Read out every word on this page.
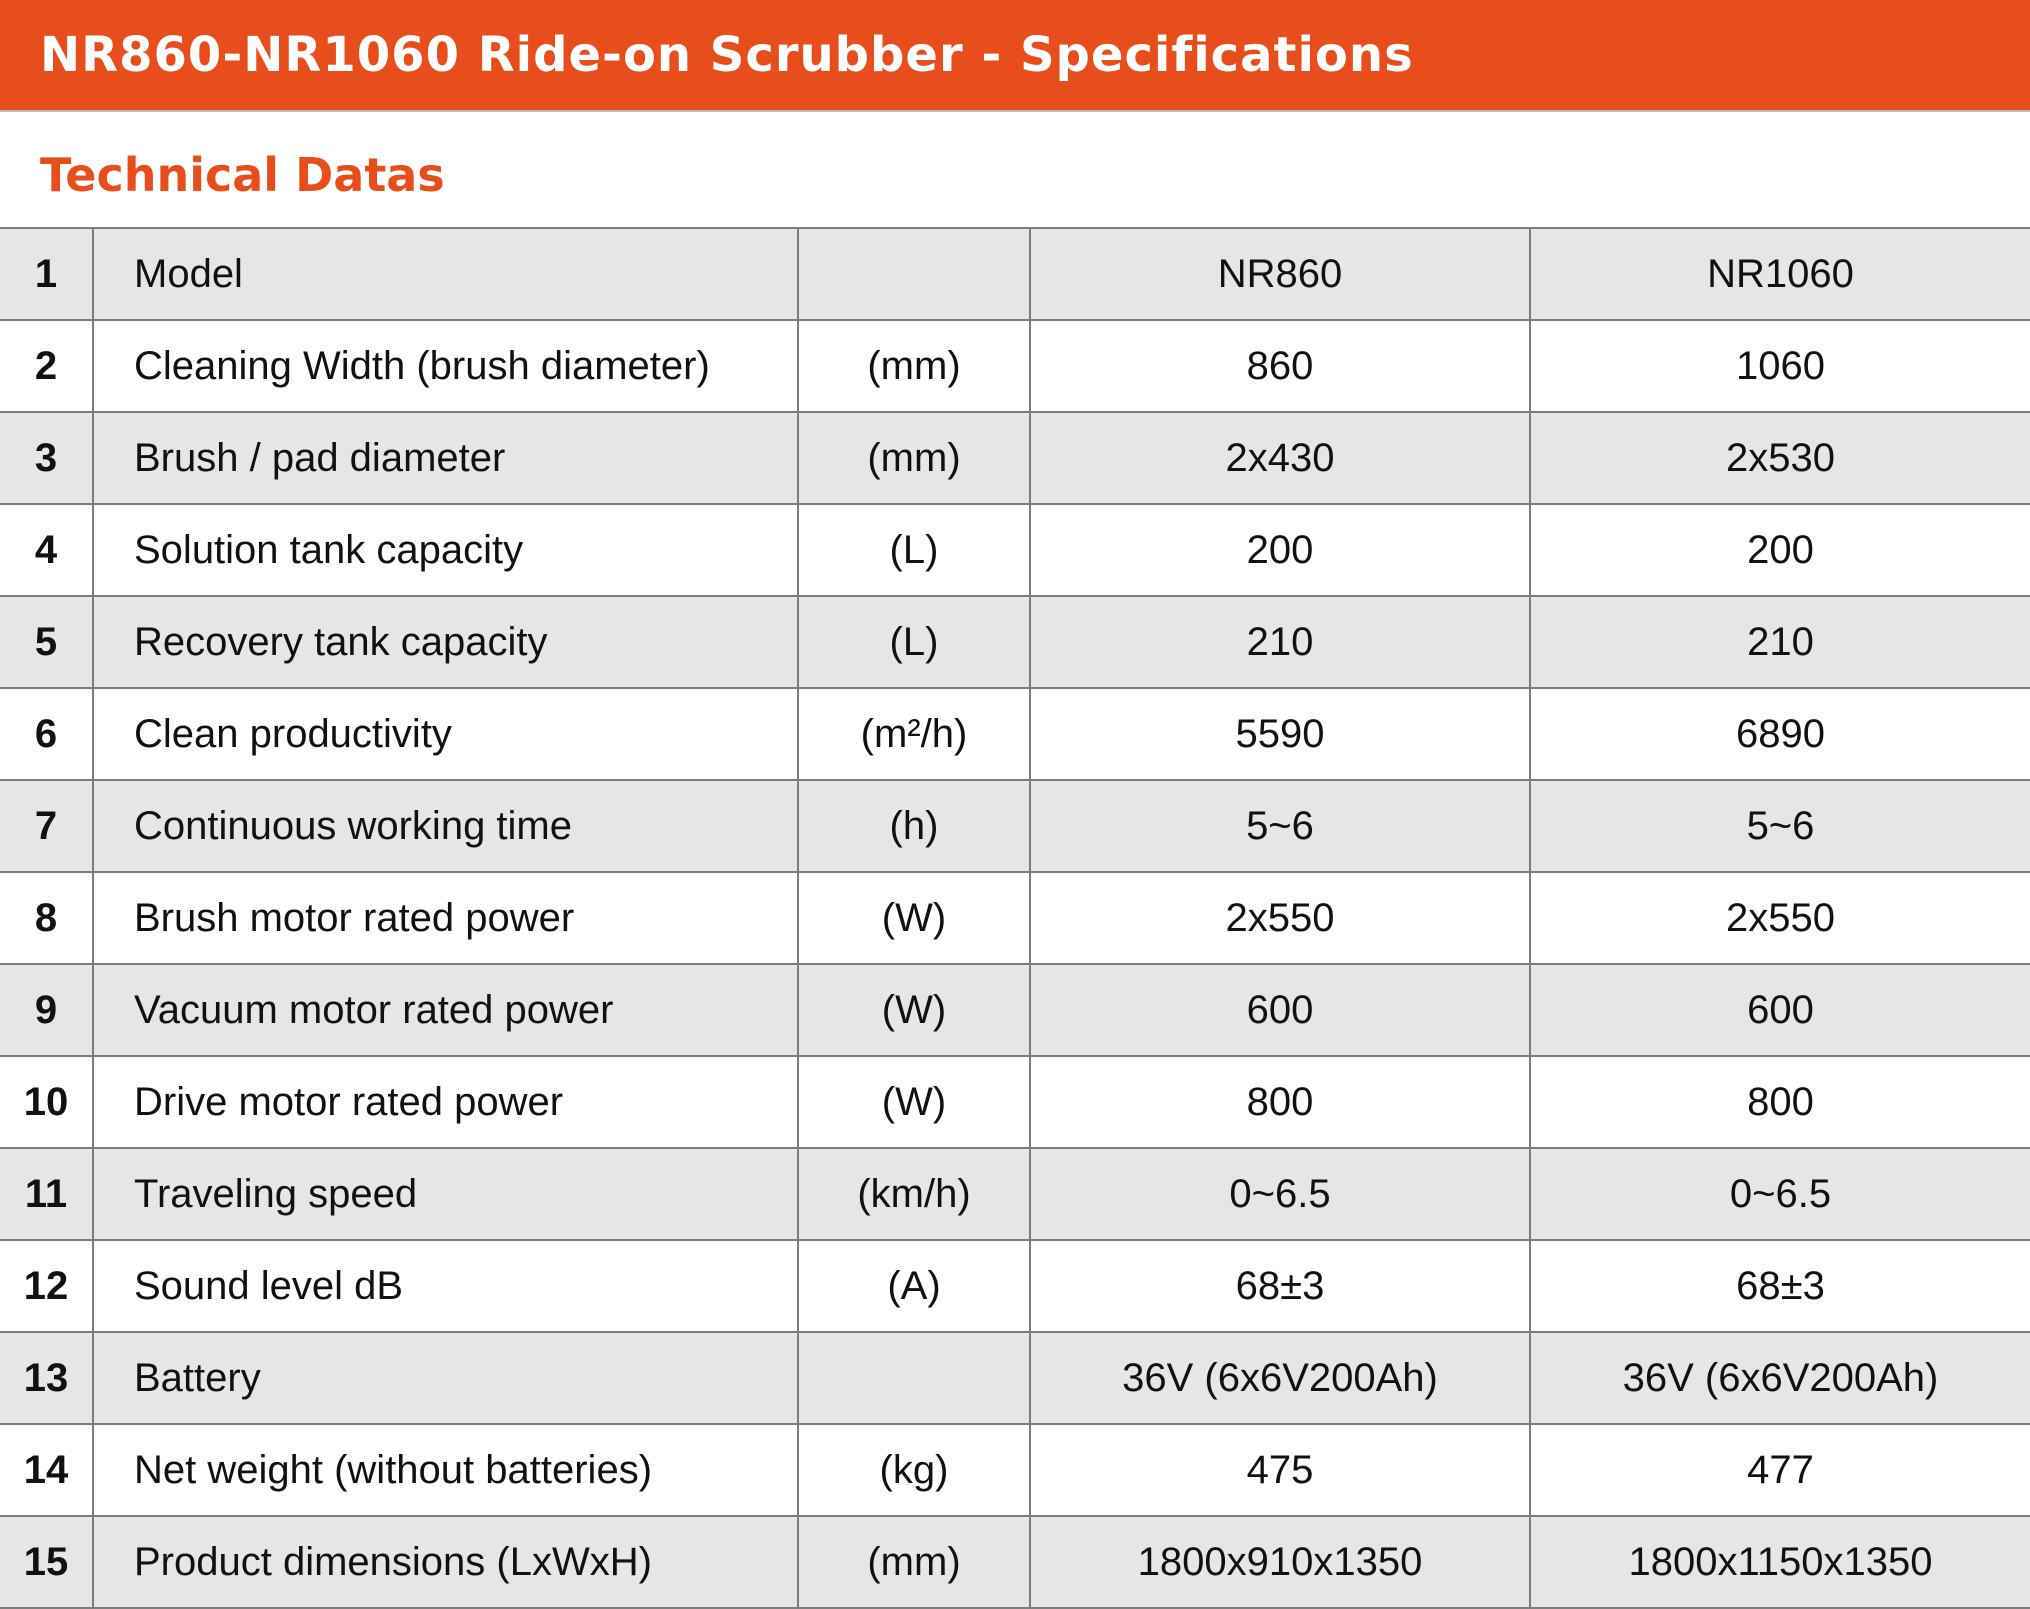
NR860-NR1060 Ride-on Scrubber - Specifications
Technical Datas
1	Model		NR860	NR1060
2	Cleaning Width (brush diameter)	(mm)	860	1060
3	Brush / pad diameter	(mm)	2x430	2x530
4	Solution tank capacity	(L)	200	200
5	Recovery tank capacity	(L)	210	210
6	Clean productivity	(m²/h)	5590	6890
7	Continuous working time	(h)	5~6	5~6
8	Brush motor rated power	(W)	2x550	2x550
9	Vacuum motor rated power	(W)	600	600
10	Drive motor rated power	(W)	800	800
11	Traveling speed	(km/h)	0~6.5	0~6.5
12	Sound level dB	(A)	68±3	68±3
13	Battery		36V (6x6V200Ah)	36V (6x6V200Ah)
14	Net weight (without batteries)	(kg)	475	477
15	Product dimensions (LxWxH)	(mm)	1800x910x1350	1800x1150x1350
